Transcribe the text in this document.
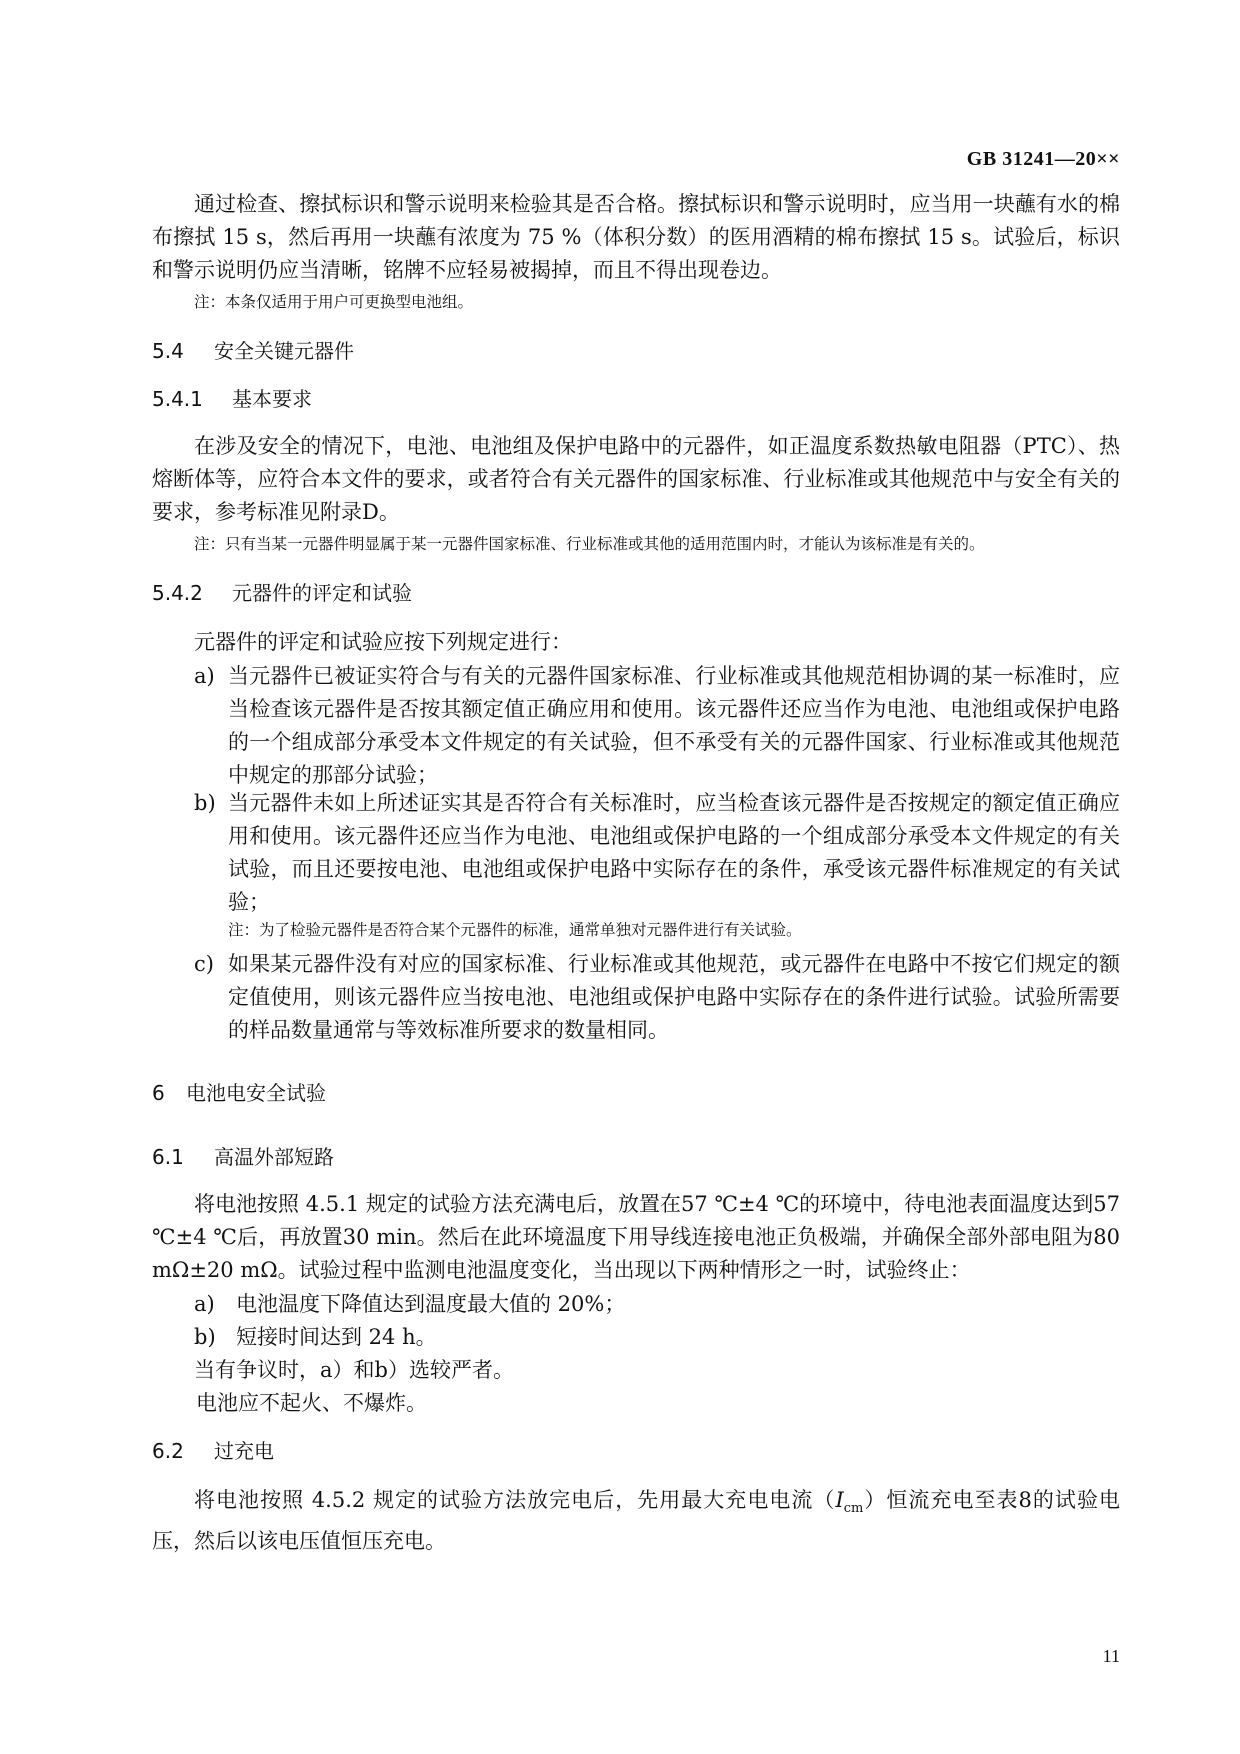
GB 31241—20××
通过检查、擦拭标识和警示说明来检验其是否合格。擦拭标识和警示说明时，应当用一块蘸有水的棉布擦拭 15 s，然后再用一块蘸有浓度为 75 %（体积分数）的医用酒精的棉布擦拭 15 s。试验后，标识和警示说明仍应当清晰，铭牌不应轻易被揭掉，而且不得出现卷边。
注：本条仅适用于用户可更换型电池组。
5.4 安全关键元器件
5.4.1 基本要求
在涉及安全的情况下，电池、电池组及保护电路中的元器件，如正温度系数热敏电阻器（PTC）、热熔断体等，应符合本文件的要求，或者符合有关元器件的国家标准、行业标准或其他规范中与安全有关的要求，参考标准见附录D。
注：只有当某一元器件明显属于某一元器件国家标准、行业标准或其他的适用范围内时，才能认为该标准是有关的。
5.4.2 元器件的评定和试验
元器件的评定和试验应按下列规定进行：
a) 当元器件已被证实符合与有关的元器件国家标准、行业标准或其他规范相协调的某一标准时，应当检查该元器件是否按其额定值正确应用和使用。该元器件还应当作为电池、电池组或保护电路的一个组成部分承受本文件规定的有关试验，但不承受有关的元器件国家、行业标准或其他规范中规定的那部分试验；
b) 当元器件未如上所述证实其是否符合有关标准时，应当检查该元器件是否按规定的额定值正确应用和使用。该元器件还应当作为电池、电池组或保护电路的一个组成部分承受本文件规定的有关试验，而且还要按电池、电池组或保护电路中实际存在的条件，承受该元器件标准规定的有关试验；
注：为了检验元器件是否符合某个元器件的标准，通常单独对元器件进行有关试验。
c) 如果某元器件没有对应的国家标准、行业标准或其他规范，或元器件在电路中不按它们规定的额定值使用，则该元器件应当按电池、电池组或保护电路中实际存在的条件进行试验。试验所需要的样品数量通常与等效标准所要求的数量相同。
6 电池电安全试验
6.1 高温外部短路
将电池按照 4.5.1 规定的试验方法充满电后，放置在57 ℃±4 ℃的环境中，待电池表面温度达到57 ℃±4 ℃后，再放置30 min。然后在此环境温度下用导线连接电池正负极端，并确保全部外部电阻为80 mΩ±20 mΩ。试验过程中监测电池温度变化，当出现以下两种情形之一时，试验终止：
a) 电池温度下降值达到温度最大值的 20%；
b) 短接时间达到 24 h。
当有争议时，a）和b）选较严者。
电池应不起火、不爆炸。
6.2 过充电
将电池按照 4.5.2 规定的试验方法放完电后，先用最大充电电流$(I_{cm})$恒流充电至表8的试验电压，然后以该电压值恒压充电。
11
